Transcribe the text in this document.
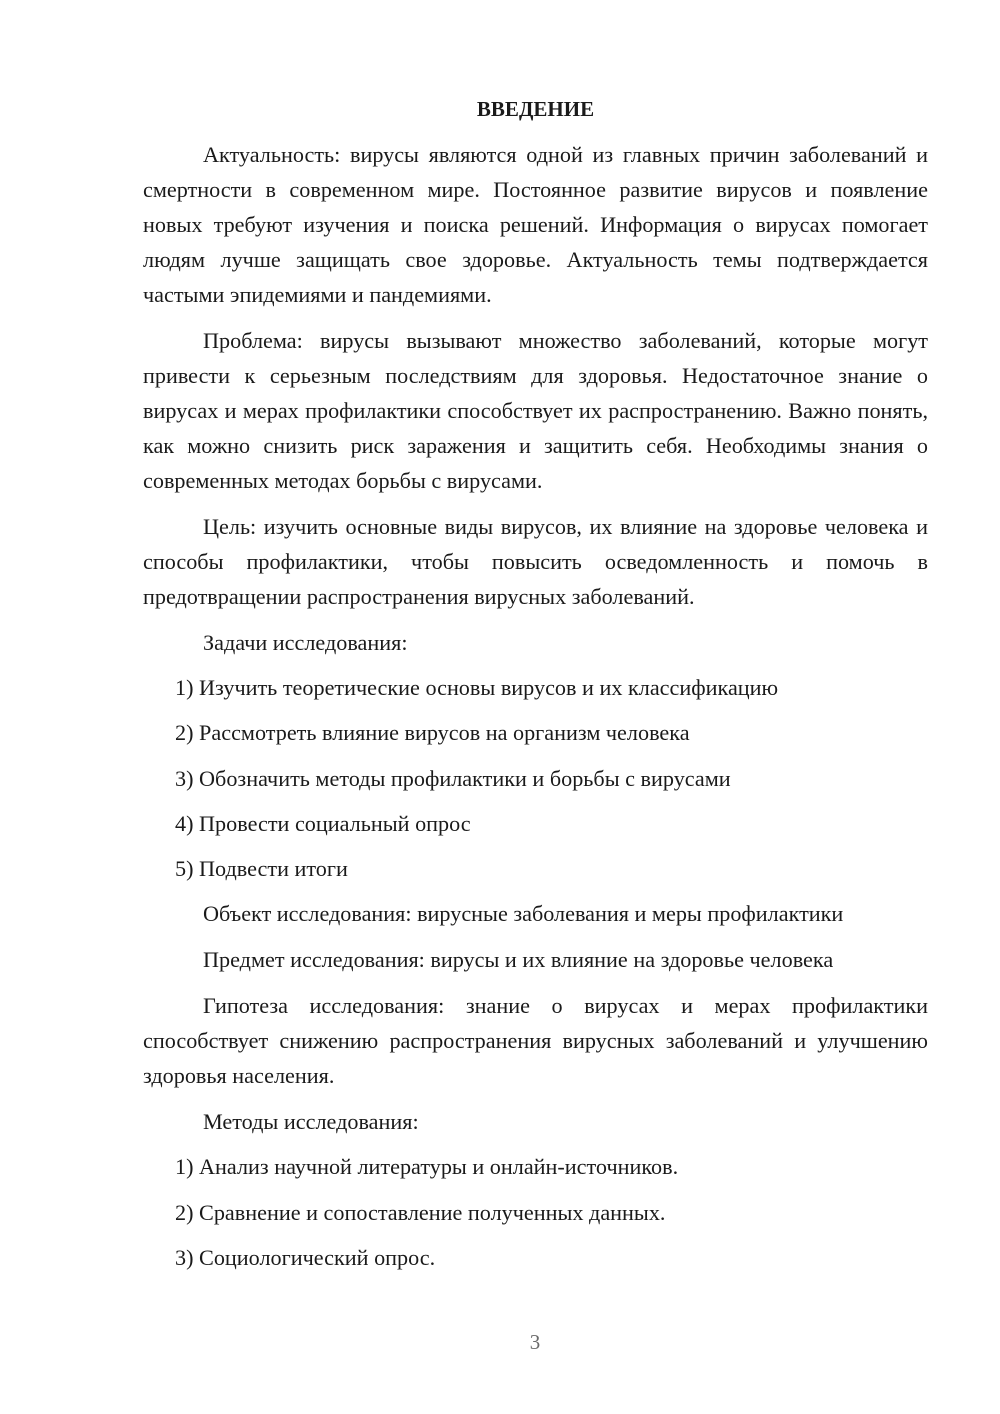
ВВЕДЕНИЕ

Актуальность: вирусы являются одной из главных причин заболеваний и смертности в современном мире. Постоянное развитие вирусов и появление новых требуют изучения и поиска решений. Информация о вирусах помогает людям лучше защищать свое здоровье. Актуальность темы подтверждается частыми эпидемиями и пандемиями.

Проблема: вирусы вызывают множество заболеваний, которые могут привести к серьезным последствиям для здоровья. Недостаточное знание о вирусах и мерах профилактики способствует их распространению. Важно понять, как можно снизить риск заражения и защитить себя. Необходимы знания о современных методах борьбы с вирусами.

Цель: изучить основные виды вирусов, их влияние на здоровье человека и способы профилактики, чтобы повысить осведомленность и помочь в предотвращении распространения вирусных заболеваний.

Задачи исследования:
1) Изучить теоретические основы вирусов и их классификацию
2) Рассмотреть влияние вирусов на организм человека
3) Обозначить методы профилактики и борьбы с вирусами
4) Провести социальный опрос
5) Подвести итоги
Объект исследования: вирусные заболевания и меры профилактики
Предмет исследования: вирусы и их влияние на здоровье человека

Гипотеза исследования: знание о вирусах и мерах профилактики способствует снижению распространения вирусных заболеваний и улучшению здоровья населения.

Методы исследования:
1) Анализ научной литературы и онлайн-источников.
2) Сравнение и сопоставление полученных данных.
3) Социологический опрос.
3
